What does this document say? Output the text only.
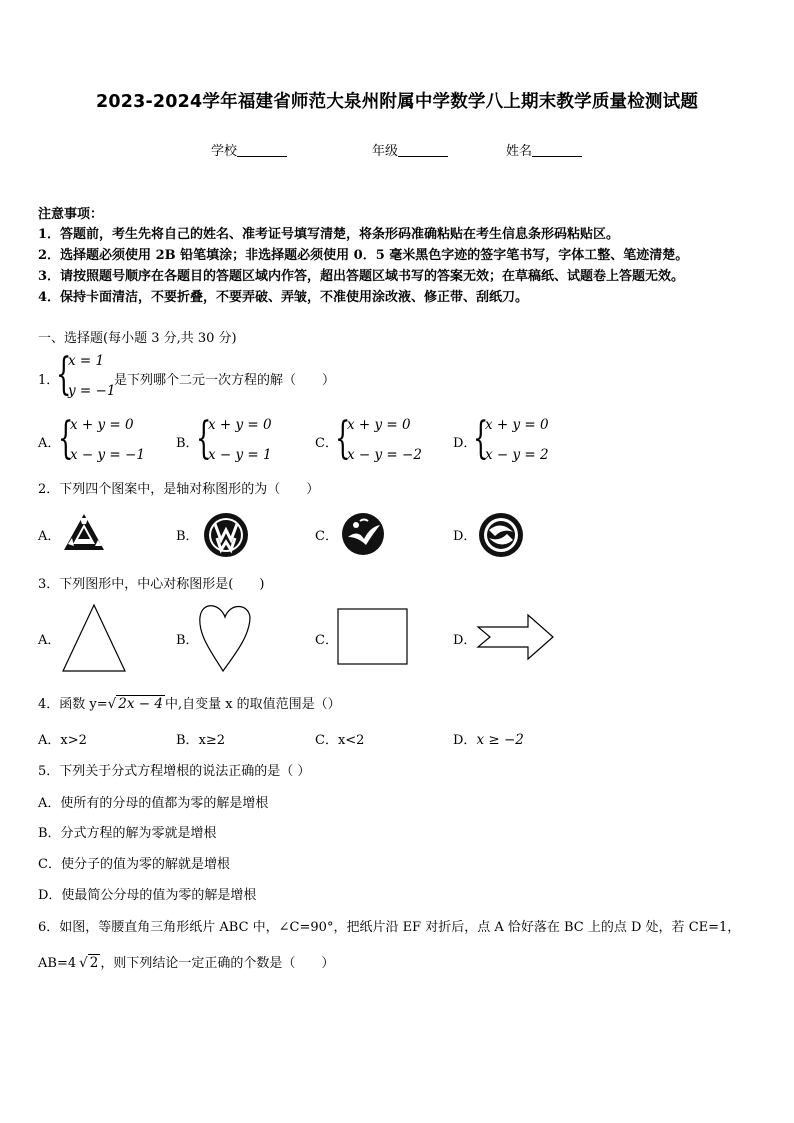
2023-2024学年福建省师范大泉州附属中学数学八上期末教学质量检测试题
学校	年级	姓名
注意事项：
1．答题前，考生先将自己的姓名、准考证号填写清楚，将条形码准确粘贴在考生信息条形码粘贴区。
2．选择题必须使用 2B 铅笔填涂；非选择题必须使用 0．5 毫米黑色字迹的签字笔书写，字体工整、笔迹清楚。
3．请按照题号顺序在各题目的答题区域内作答，超出答题区域书写的答案无效；在草稿纸、试题卷上答题无效。
4．保持卡面清洁，不要折叠，不要弄破、弄皱，不准使用涂改液、修正带、刮纸刀。
一、选择题(每小题 3 分,共 30 分)
1．
{
x = 1
y = −1
是下列哪个二元一次方程的解（　　）
A．
{
x + y = 0
x − y = −1
B．
{
x + y = 0
x − y = 1
C．
{
x + y = 0
x − y = −2
D．
{
x + y = 0
x − y = 2
2．下列四个图案中，是轴对称图形的为（　　）
A．	B．	C．	D．
3．下列图形中，中心对称图形是(　　)
A．	B．	C．	D．
4．函数 y=√ 2x − 4 中,自变量 x 的取值范围是（）
A．x>2	B．x≥2	C．x<2	D．x ≥ −2
5．下列关于分式方程增根的说法正确的是（ ）
A．使所有的分母的值都为零的解是增根
B．分式方程的解为零就是增根
C．使分子的值为零的解就是增根
D．使最简公分母的值为零的解是增根
6．如图，等腰直角三角形纸片 ABC 中，∠C=90°，把纸片沿 EF 对折后，点 A 恰好落在 BC 上的点 D 处，若 CE=1，
AB=4 √ 2 ，则下列结论一定正确的个数是（　　）
